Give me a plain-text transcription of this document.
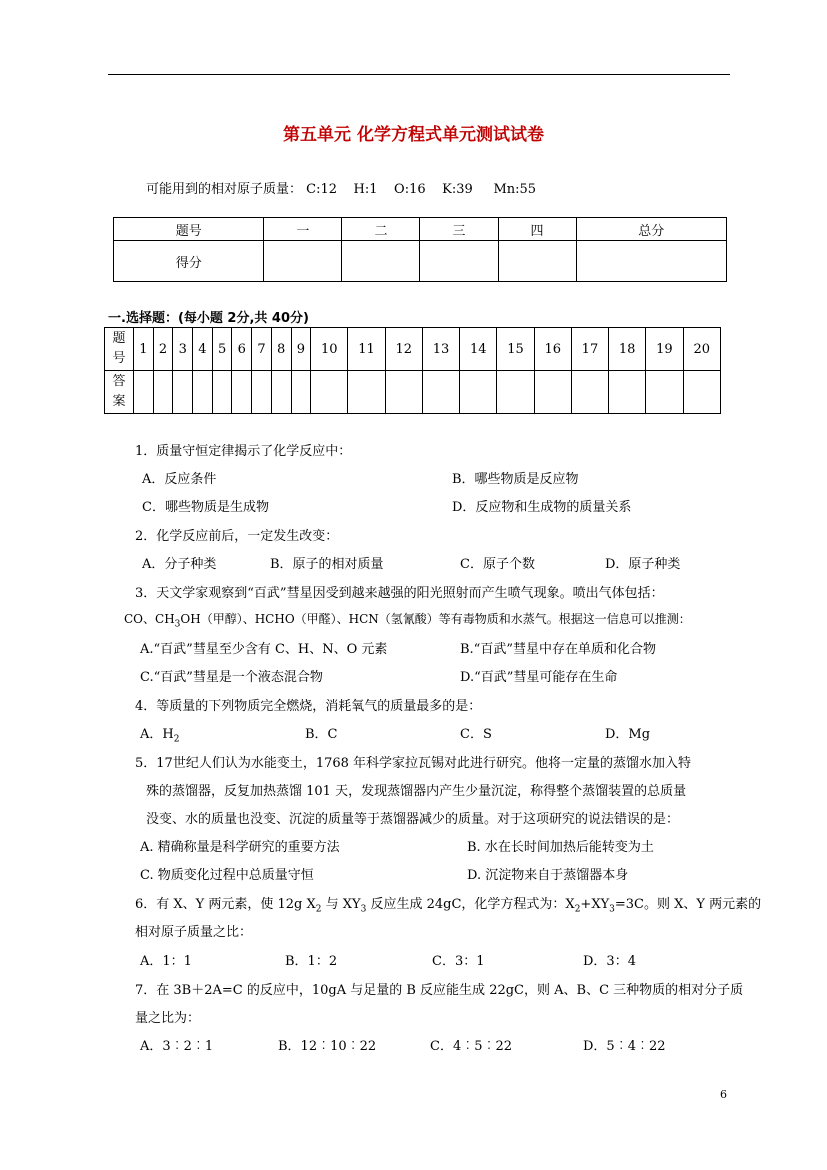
第五单元 化学方程式单元测试试卷
可能用到的相对原子质量： C:12    H:1    O:16    K:39     Mn:55
题号	一	二	三	四	总分
得分					
一.选择题：(每小题 2分,共 40分)
题
号	1	2	3	4	5	6	7	8	9	10	11	12	13	14	15	16	17	18	19	20

答
案																				

1．质量守恒定律揭示了化学反应中：
A．反应条件	B．哪些物质是反应物
C．哪些物质是生成物	D．反应物和生成物的质量关系
2．化学反应前后，一定发生改变：
A．分子种类	B．原子的相对质量	C．原子个数	D．原子种类
3．天文学家观察到“百武”彗星因受到越来越强的阳光照射而产生喷气现象。喷出气体包括：
CO、$CH_3OH$（甲醇）、HCHO（甲醛）、HCN（氢氰酸）等有毒物质和水蒸气。根据这一信息可以推测：
A.“百武”彗星至少含有 C、H、N、O 元素	B.“百武”彗星中存在单质和化合物
C.“百武”彗星是一个液态混合物	D.“百武”彗星可能存在生命
4．等质量的下列物质完全燃烧，消耗氧气的质量最多的是：
A．$H_2$	B．C	C．S	D．Mg
5．17世纪人们认为水能变土，1768 年科学家拉瓦锡对此进行研究。他将一定量的蒸馏水加入特
殊的蒸馏器，反复加热蒸馏 101 天，发现蒸馏器内产生少量沉淀，称得整个蒸馏装置的总质量
没变、水的质量也没变、沉淀的质量等于蒸馏器减少的质量。对于这项研究的说法错误的是：
A. 精确称量是科学研究的重要方法	B. 水在长时间加热后能转变为土
C. 物质变化过程中总质量守恒	D. 沉淀物来自于蒸馏器本身
6．有 X、Y 两元素，使 12g $X_2$ 与 $XY_3$ 反应生成 24gC，化学方程式为：$X_2+XY_3=3C$。则 X、Y 两元素的
相对原子质量之比：
A．1：1	B．1：2	C．3：1	D．3：4
7．在 3B＋2A=C 的反应中，10gA 与足量的 B 反应能生成 22gC，则 A、B、C 三种物质的相对分子质
量之比为：
A．3︰2︰1	B．12︰10︰22	C．4︰5︰22	D．5︰4︰22
6
